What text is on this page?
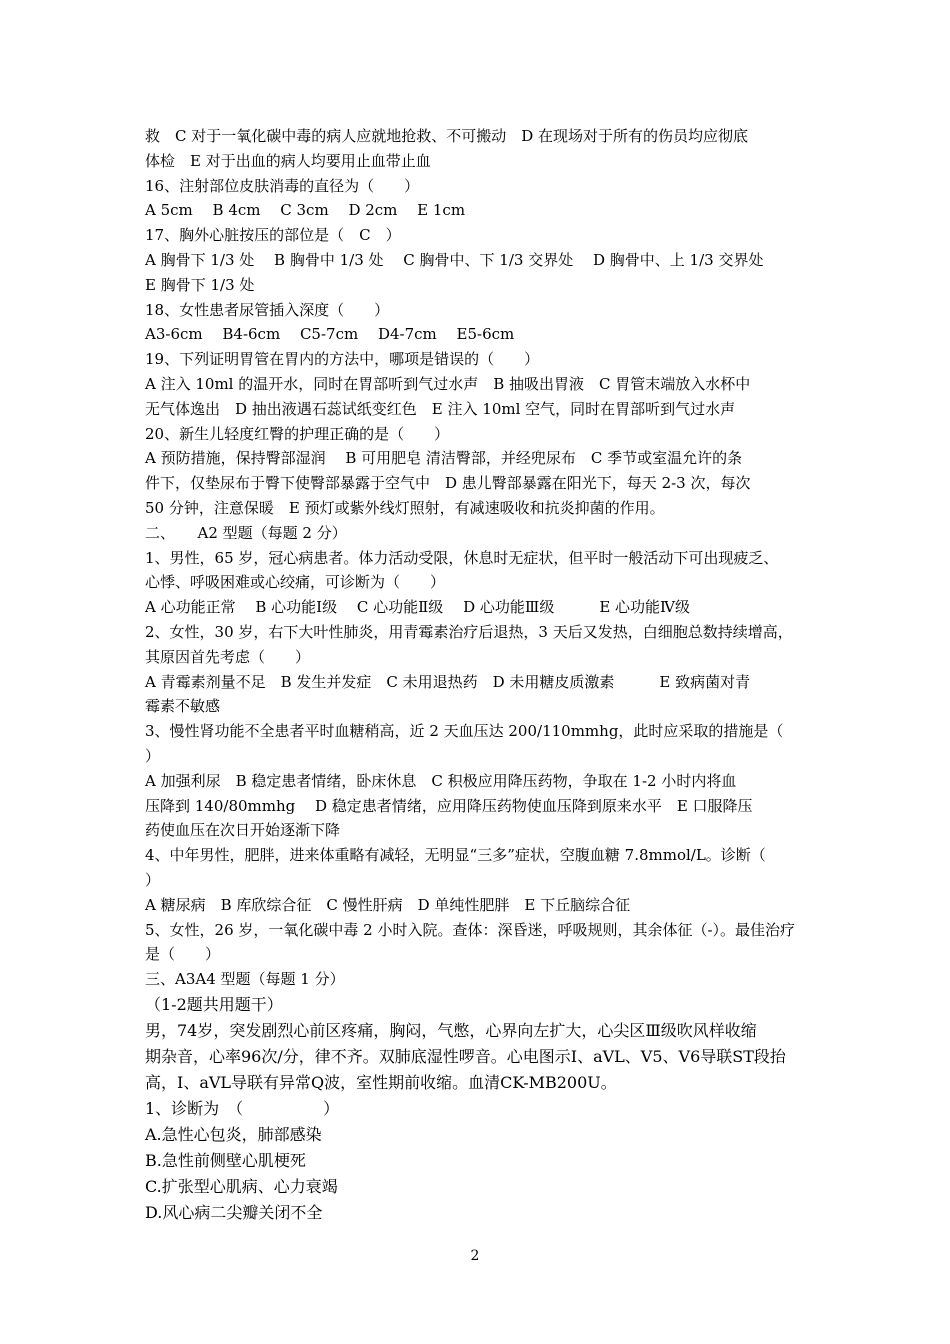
救　C 对于一氧化碳中毒的病人应就地抢救、不可搬动　D 在现场对于所有的伤员均应彻底
体检　E 对于出血的病人均要用止血带止血
16、注射部位皮肤消毒的直径为（　　）
A 5cm　 B 4cm　 C 3cm　 D 2cm　 E 1cm
17、胸外心脏按压的部位是（　C　）
A 胸骨下 1/3 处　 B 胸骨中 1/3 处　 C 胸骨中、下 1/3 交界处　 D 胸骨中、上 1/3 交界处
E 胸骨下 1/3 处
18、女性患者尿管插入深度（　　）
A3-6cm　 B4-6cm　 C5-7cm　 D4-7cm　 E5-6cm
19、下列证明胃管在胃内的方法中，哪项是错误的（　　）
A 注入 10ml 的温开水，同时在胃部听到气过水声　B 抽吸出胃液　C 胃管末端放入水杯中
无气体逸出　D 抽出液遇石蕊试纸变红色　E 注入 10ml 空气，同时在胃部听到气过水声
20、新生儿轻度红臀的护理正确的是（　　）
A 预防措施，保持臀部湿润　 B 可用肥皂 清洁臀部，并经兜尿布　C 季节或室温允许的条
件下，仅垫尿布于臀下使臀部暴露于空气中　D 患儿臀部暴露在阳光下，每天 2-3 次，每次
50 分钟，注意保暖　E 预灯或紫外线灯照射，有减速吸收和抗炎抑菌的作用。
二、　　A2 型题（每题 2 分）
1、男性，65 岁，冠心病患者。体力活动受限，休息时无症状，但平时一般活动下可出现疲乏、
心悸、呼吸困难或心绞痛，可诊断为（　　）
A 心功能正常　 B 心功能Ⅰ级　 C 心功能Ⅱ级　 D 心功能Ⅲ级　　　E 心功能Ⅳ级
2、女性，30 岁，右下大叶性肺炎，用青霉素治疗后退热，3 天后又发热，白细胞总数持续增高，
其原因首先考虑（　　）
A 青霉素剂量不足　B 发生并发症　C 未用退热药　D 未用糖皮质激素　　　E 致病菌对青
霉素不敏感
3、慢性肾功能不全患者平时血糖稍高，近 2 天血压达 200/110mmhg，此时应采取的措施是（
）
A 加强利尿　B 稳定患者情绪，卧床休息　C 积极应用降压药物，争取在 1-2 小时内将血
压降到 140/80mmhg　 D 稳定患者情绪，应用降压药物使血压降到原来水平　E 口服降压
药使血压在次日开始逐渐下降
4、中年男性，肥胖，进来体重略有减轻，无明显“三多”症状，空腹血糖 7.8mmol/L。诊断（
）
A 糖尿病　B 库欣综合征　C 慢性肝病　D 单纯性肥胖　E 下丘脑综合征
5、女性，26 岁，一氧化碳中毒 2 小时入院。查体：深昏迷，呼吸规则，其余体征（-）。最佳治疗
是（　　）
三、A3A4 型题（每题 1 分）
（1-2题共用题干）
男，74岁，突发剧烈心前区疼痛，胸闷，气憋，心界向左扩大，心尖区Ⅲ级吹风样收缩
期杂音，心率96次/分，律不齐。双肺底湿性啰音。心电图示Ⅰ、aVL、V5、V6导联ST段抬
高，Ⅰ、aVL导联有异常Q波，室性期前收缩。血清CK-MB200U。
1、诊断为　（　　　　　）
A.急性心包炎，肺部感染
B.急性前侧壁心肌梗死
C.扩张型心肌病、心力衰竭
D.风心病二尖瓣关闭不全
2
